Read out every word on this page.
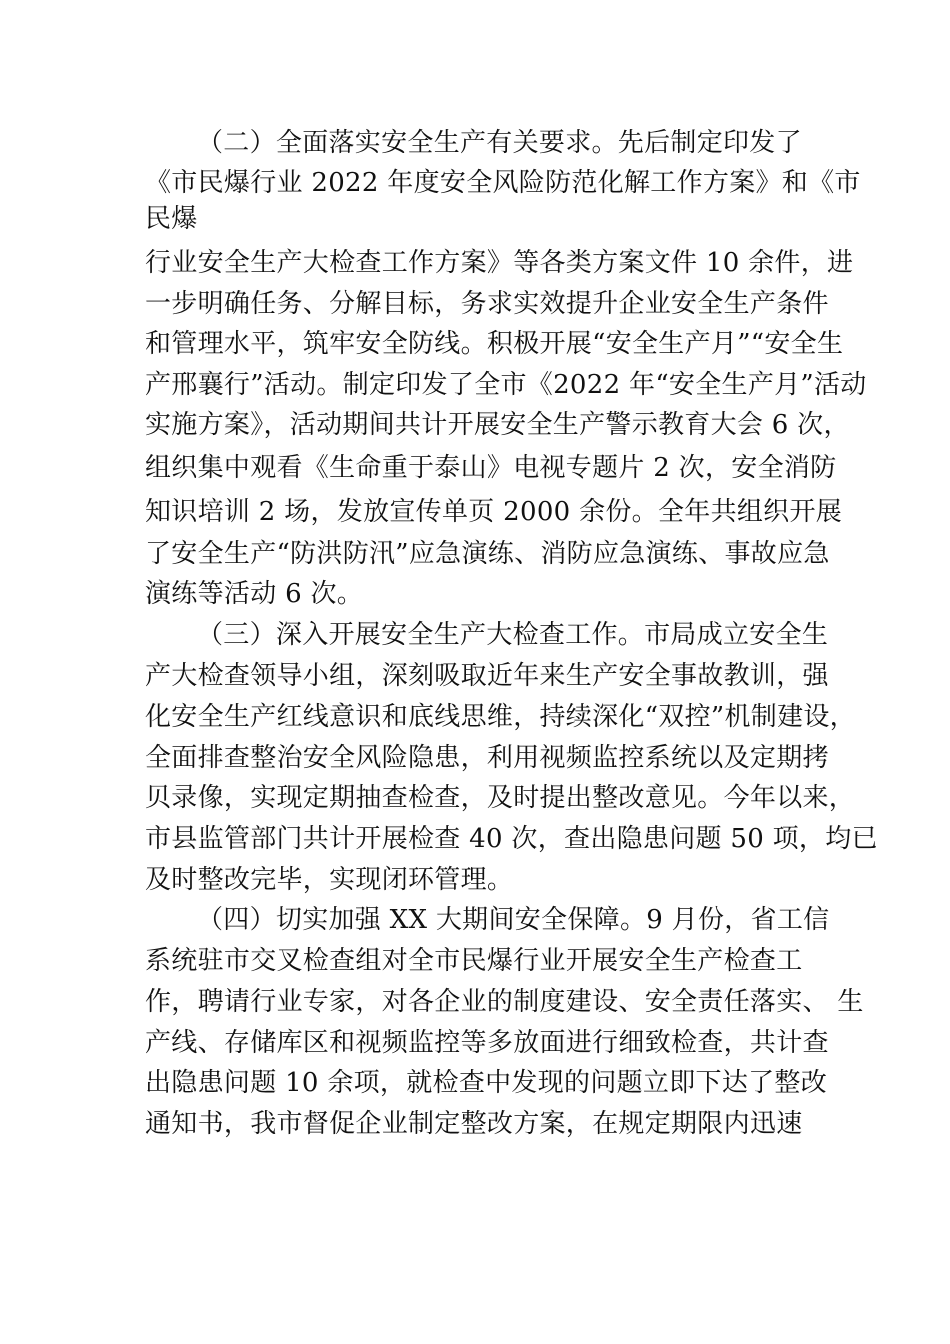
（二）全面落实安全生产有关要求。先后制定印发了
《市民爆行业 2022 年度安全风险防范化解工作方案》和《市
民爆
行业安全生产大检查工作方案》等各类方案文件 10 余件，进
一步明确任务、分解目标，务求实效提升企业安全生产条件
和管理水平，筑牢安全防线。积极开展“安全生产月”“安全生
产邢襄行”活动。制定印发了全市《2022 年“安全生产月”活动
实施方案》，活动期间共计开展安全生产警示教育大会 6 次，
组织集中观看《生命重于泰山》电视专题片 2 次，安全消防
知识培训 2 场，发放宣传单页 2000 余份。全年共组织开展
了安全生产“防洪防汛”应急演练、消防应急演练、事故应急
演练等活动 6 次。
（三）深入开展安全生产大检查工作。市局成立安全生
产大检查领导小组，深刻吸取近年来生产安全事故教训，强
化安全生产红线意识和底线思维，持续深化“双控”机制建设，
全面排查整治安全风险隐患，利用视频监控系统以及定期拷
贝录像，实现定期抽查检查，及时提出整改意见。今年以来，
市县监管部门共计开展检查 40 次，查出隐患问题 50 项，均已
及时整改完毕，实现闭环管理。
（四）切实加强 XX 大期间安全保障。9 月份，省工信
系统驻市交叉检查组对全市民爆行业开展安全生产检查工
作，聘请行业专家，对各企业的制度建设、安全责任落实、 生
产线、存储库区和视频监控等多放面进行细致检查，共计查
出隐患问题 10 余项，就检查中发现的问题立即下达了整改
通知书，我市督促企业制定整改方案，在规定期限内迅速
